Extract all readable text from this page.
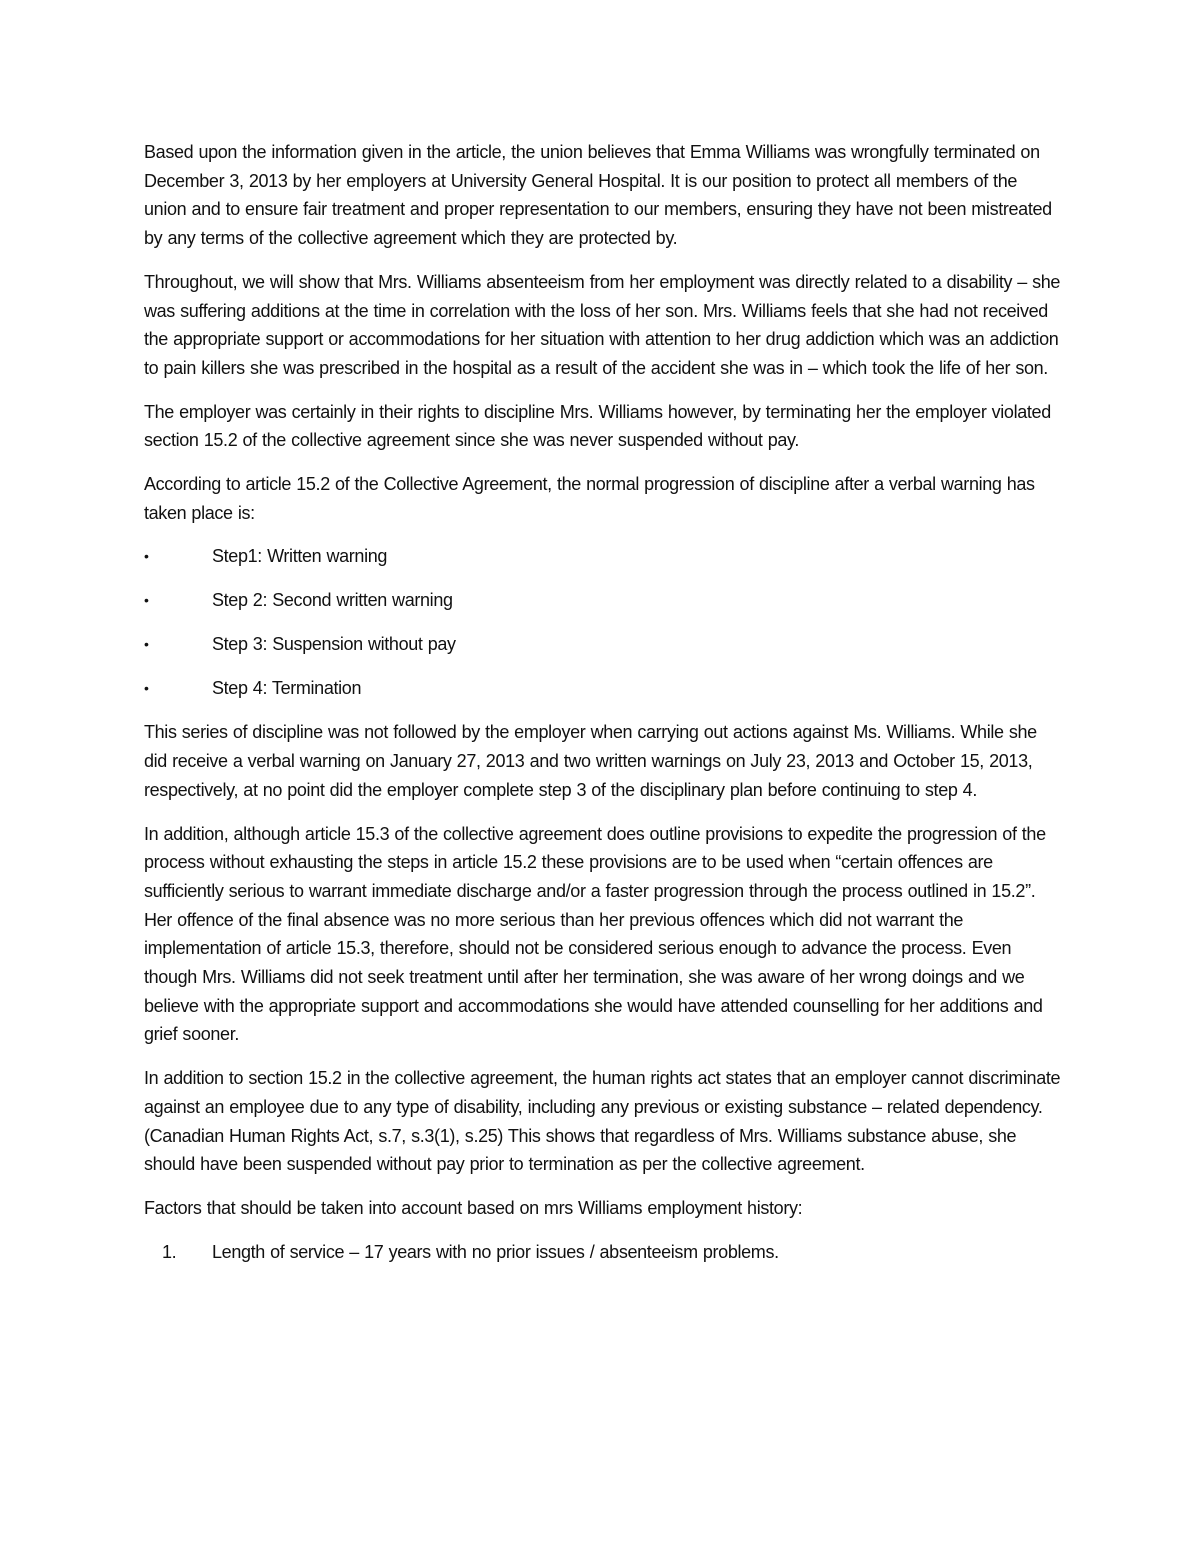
Based upon the information given in the article, the union believes that Emma Williams was wrongfully terminated on December 3, 2013 by her employers at University General Hospital. It is our position to protect all members of the union and to ensure fair treatment and proper representation to our members, ensuring they have not been mistreated by any terms of the collective agreement which they are protected by.

Throughout, we will show that Mrs. Williams absenteeism from her employment was directly related to a disability – she was suffering additions at the time in correlation with the loss of her son. Mrs. Williams feels that she had not received the appropriate support or accommodations for her situation with attention to her drug addiction which was an addiction to pain killers she was prescribed in the hospital as a result of the accident she was in – which took the life of her son.

The employer was certainly in their rights to discipline Mrs. Williams however, by terminating her the employer violated section 15.2 of the collective agreement since she was never suspended without pay.

According to article 15.2 of the Collective Agreement, the normal progression of discipline after a verbal warning has taken place is:

•	Step1: Written warning
•	Step 2: Second written warning
•	Step 3: Suspension without pay
•	Step 4: Termination

This series of discipline was not followed by the employer when carrying out actions against Ms. Williams. While she did receive a verbal warning on January 27, 2013 and two written warnings on July 23, 2013 and October 15, 2013, respectively, at no point did the employer complete step 3 of the disciplinary plan before continuing to step 4.

In addition, although article 15.3 of the collective agreement does outline provisions to expedite the progression of the process without exhausting the steps in article 15.2 these provisions are to be used when “certain offences are sufficiently serious to warrant immediate discharge and/or a faster progression through the process outlined in 15.2”. Her offence of the final absence was no more serious than her previous offences which did not warrant the implementation of article 15.3, therefore, should not be considered serious enough to advance the process. Even though Mrs. Williams did not seek treatment until after her termination, she was aware of her wrong doings and we believe with the appropriate support and accommodations she would have attended counselling for her additions and grief sooner.

In addition to section 15.2 in the collective agreement, the human rights act states that an employer cannot discriminate against an employee due to any type of disability, including any previous or existing substance – related dependency. (Canadian Human Rights Act, s.7, s.3(1), s.25) This shows that regardless of Mrs. Williams substance abuse, she should have been suspended without pay prior to termination as per the collective agreement.

Factors that should be taken into account based on mrs Williams employment history:

1. Length of service – 17 years with no prior issues / absenteeism problems.
